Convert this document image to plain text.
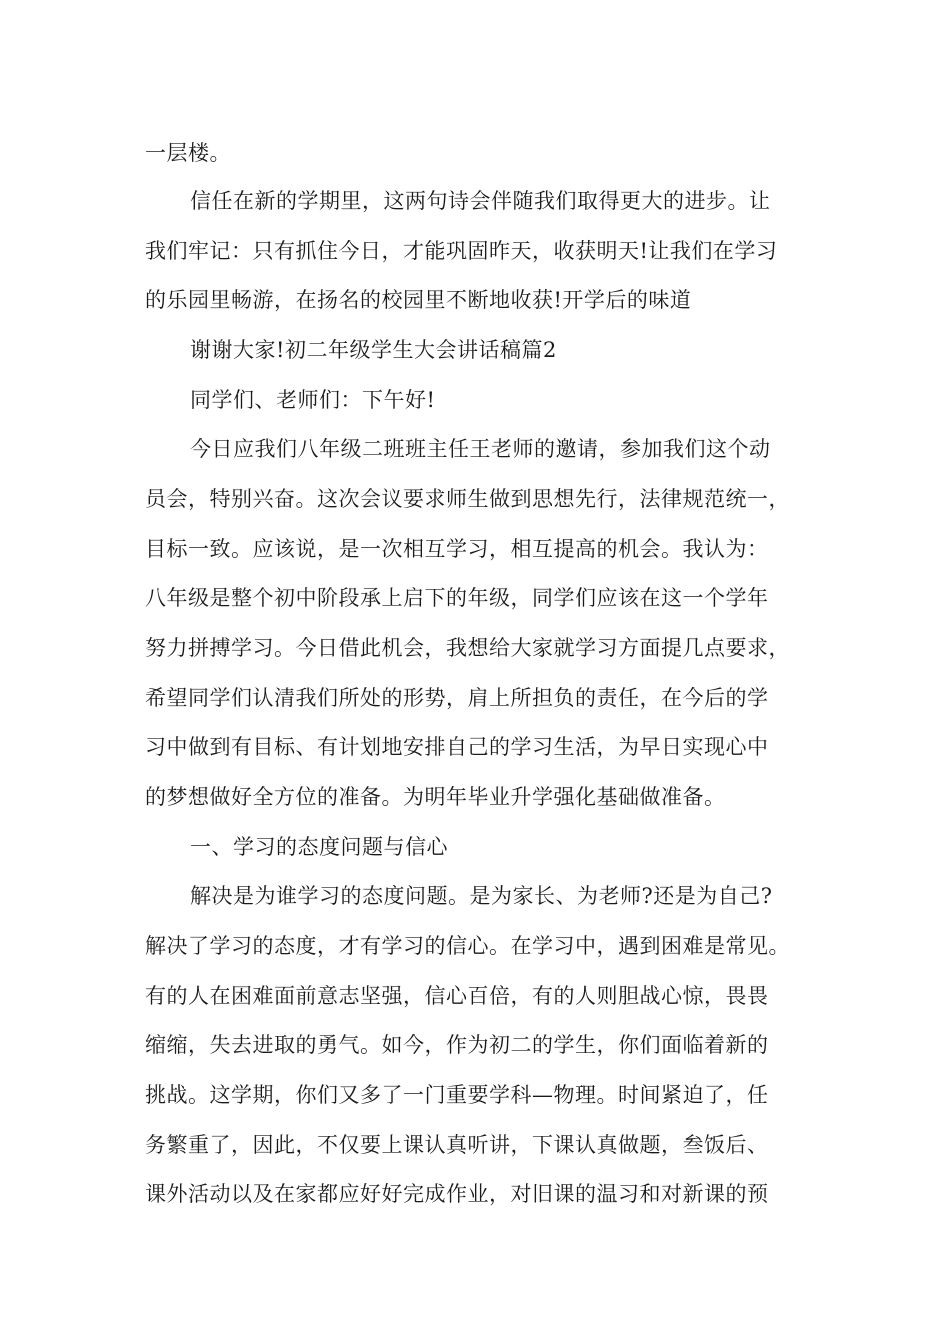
一层楼。
信任在新的学期里，这两句诗会伴随我们取得更大的进步。让
我们牢记：只有抓住今日，才能巩固昨天，收获明天!让我们在学习
的乐园里畅游，在扬名的校园里不断地收获!开学后的味道
谢谢大家!初二年级学生大会讲话稿篇2
同学们、老师们：下午好!
今日应我们八年级二班班主任王老师的邀请，参加我们这个动
员会，特别兴奋。这次会议要求师生做到思想先行，法律规范统一，
目标一致。应该说，是一次相互学习，相互提高的机会。我认为：
八年级是整个初中阶段承上启下的年级，同学们应该在这一个学年
努力拼搏学习。今日借此机会，我想给大家就学习方面提几点要求，
希望同学们认清我们所处的形势，肩上所担负的责任，在今后的学
习中做到有目标、有计划地安排自己的学习生活，为早日实现心中
的梦想做好全方位的准备。为明年毕业升学强化基础做准备。
一、学习的态度问题与信心
解决是为谁学习的态度问题。是为家长、为老师?还是为自己?
解决了学习的态度，才有学习的信心。在学习中，遇到困难是常见。
有的人在困难面前意志坚强，信心百倍，有的人则胆战心惊，畏畏
缩缩，失去进取的勇气。如今，作为初二的学生，你们面临着新的
挑战。这学期，你们又多了一门重要学科—物理。时间紧迫了，任
务繁重了，因此，不仅要上课认真听讲，下课认真做题，叁饭后、
课外活动以及在家都应好好完成作业，对旧课的温习和对新课的预
